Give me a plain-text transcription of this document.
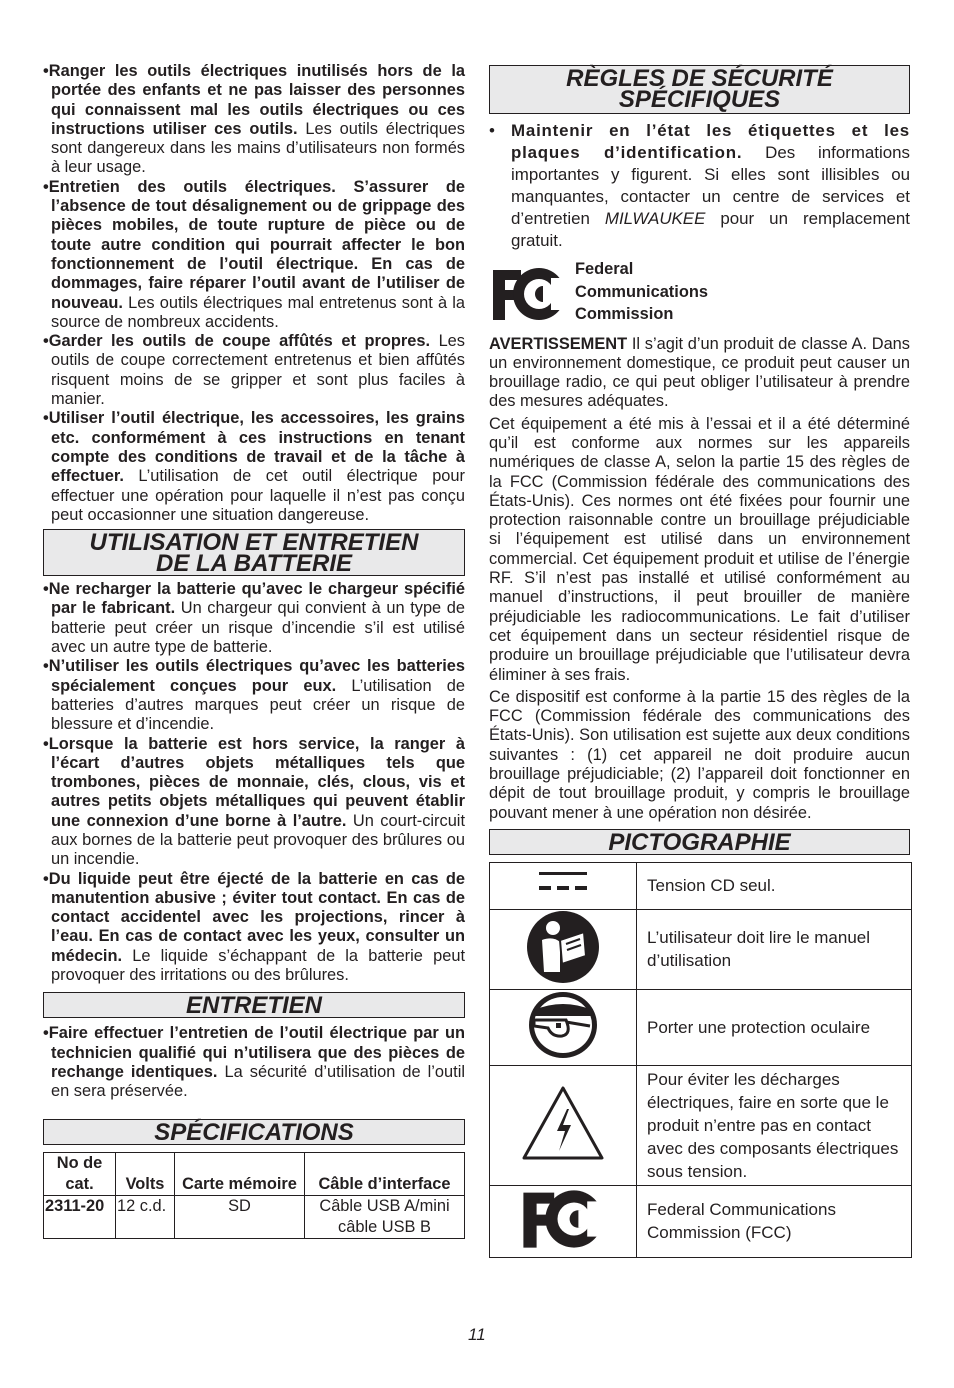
•Ranger les outils électriques inutilisés hors de la portée des enfants et ne pas laisser des personnes qui connaissent mal les outils électriques ou ces instructions utiliser ces outils. Les outils électriques sont dangereux dans les mains d’utilisateurs non formés à leur usage.

•Entretien des outils électriques. S’assurer de l’absence de tout désalignement ou de grippage des pièces mobiles, de toute rupture de pièce ou de toute autre condition qui pourrait affecter le bon fonctionnement de l’outil électrique. En cas de dommages, faire réparer l’outil avant de l’utiliser de nouveau. Les outils électriques mal entretenus sont à la source de nombreux accidents.

•Garder les outils de coupe affûtés et propres. Les outils de coupe correctement entretenus et bien affûtés risquent moins de se gripper et sont plus faciles à manier.

•Utiliser l’outil électrique, les accessoires, les grains etc. conformément à ces instructions en tenant compte des conditions de travail et de la tâche à effectuer. L’utilisation de cet outil électrique pour effectuer une opération pour laquelle il n’est pas conçu peut occasionner une situation dangereuse.

UTILISATION ET ENTRETIEN
DE LA BATTERIE

•Ne recharger la batterie qu’avec le chargeur spécifié par le fabricant. Un chargeur qui convient à un type de batterie peut créer un risque d’incendie s’il est utilisé avec un autre type de batterie.

•N’utiliser les outils électriques qu’avec les batteries spécialement conçues pour eux. L’utilisation de batteries d’autres marques peut créer un risque de blessure et d’incendie.

•Lorsque la batterie est hors service, la ranger à l’écart d’autres objets métalliques tels que trombones, pièces de monnaie, clés, clous, vis et autres petits objets métalliques qui peuvent établir une connexion d’une borne à l’autre. Un court-circuit aux bornes de la batterie peut provoquer des brûlures ou un incendie.

•Du liquide peut être éjecté de la batterie en cas de manutention abusive ; éviter tout contact. En cas de contact accidentel avec les projections, rincer à l’eau. En cas de contact avec les yeux, consulter un médecin. Le liquide s’échappant de la batterie peut provoquer des irritations ou des brûlures.

ENTRETIEN

•Faire effectuer l’entretien de l’outil électrique par un technicien qualifié qui n’utilisera que des pièces de rechange identiques. La sécurité d’utilisation de l’outil en sera préservée.

SPÉCIFICATIONS
No de cat.	Volts	Carte mémoire	Câble d’interface
2311-20	12 c.d.	SD	Câble USB A/mini câble USB B
RÈGLES DE SÉCURITÉ
SPÉCIFIQUES
• Maintenir en l’état les étiquettes et les plaques d’identification. Des informations importantes y figurent. Si elles sont illisibles ou manquantes, contacter un centre de services et d’entretien MILWAUKEE pour un remplacement gratuit.

Federal
Communications
Commission

AVERTISSEMENT Il s’agit d’un produit de classe A. Dans un environnement domestique, ce produit peut causer un brouillage radio, ce qui peut obliger l’utilisateur à prendre des mesures adéquates.

Cet équipement a été mis à l’essai et il a été déterminé qu’il est conforme aux normes sur les appareils numériques de classe A, selon la partie 15 des règles de la FCC (Commission fédérale des communications des États-Unis). Ces normes ont été fixées pour fournir une protection raisonnable contre un brouillage préjudiciable si l’équipement est utilisé dans un environnement commercial. Cet équipement produit et utilise de l’énergie RF. S’il n’est pas installé et utilisé conformément au manuel d’instructions, il peut brouiller de manière préjudiciable les radiocommunications. Le fait d’utiliser cet équipement dans un secteur résidentiel risque de produire un brouillage préjudiciable que l’utilisateur devra éliminer à ses frais.

Ce dispositif est conforme à la partie 15 des règles de la FCC (Commission fédérale des communications des États-Unis). Son utilisation est sujette aux deux conditions suivantes : (1) cet appareil ne doit produire aucun brouillage préjudiciable; (2) l’appareil doit fonctionner en dépit de tout brouillage produit, y compris le brouillage pouvant mener à une opération non désirée.

PICTOGRAPHIE
	Tension CD seul.
	L’utilisateur doit lire le manuel d’utilisation
	Porter une protection oculaire
	Pour éviter les décharges électriques, faire en sorte que le produit n’entre pas en contact avec des composants électriques sous tension.
	Federal Communications Commission (FCC)
11
